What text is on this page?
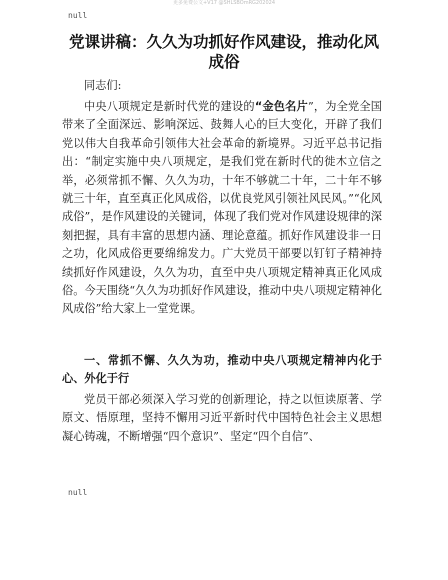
更多免费公文+V17 @SHLSBOmRG202024
null
党课讲稿：久久为功抓好作风建设，推动化风
成俗
同志们:

中央八项规定是新时代党的建设的“金色名片”，为全党全国带来了全面深远、影响深远、鼓舞人心的巨大变化，开辟了我们党以伟大自我革命引领伟大社会革命的新境界。习近平总书记指出：“制定实施中央八项规定，是我们党在新时代的徙木立信之举，必须常抓不懈、久久为功，十年不够就二十年，二十年不够就三十年，直至真正化风成俗，以优良党风引领社风民风。”“化风成俗”，是作风建设的关键词，体现了我们党对作风建设规律的深刻把握，具有丰富的思想内涵、理论意蕴。抓好作风建设非一日之功，化风成俗更要绵绵发力。广大党员干部要以钉钉子精神持续抓好作风建设，久久为功，直至中央八项规定精神真正化风成俗。今天围绕“久久为功抓好作风建设，推动中央八项规定精神化风成俗”给大家上一堂党课。

一、常抓不懈、久久为功，推动中央八项规定精神内化于心、外化于行

党员干部必须深入学习党的创新理论，持之以恒读原著、学原文、悟原理，坚持不懈用习近平新时代中国特色社会主义思想凝心铸魂，不断增强“四个意识”、坚定“四个自信”、

null
